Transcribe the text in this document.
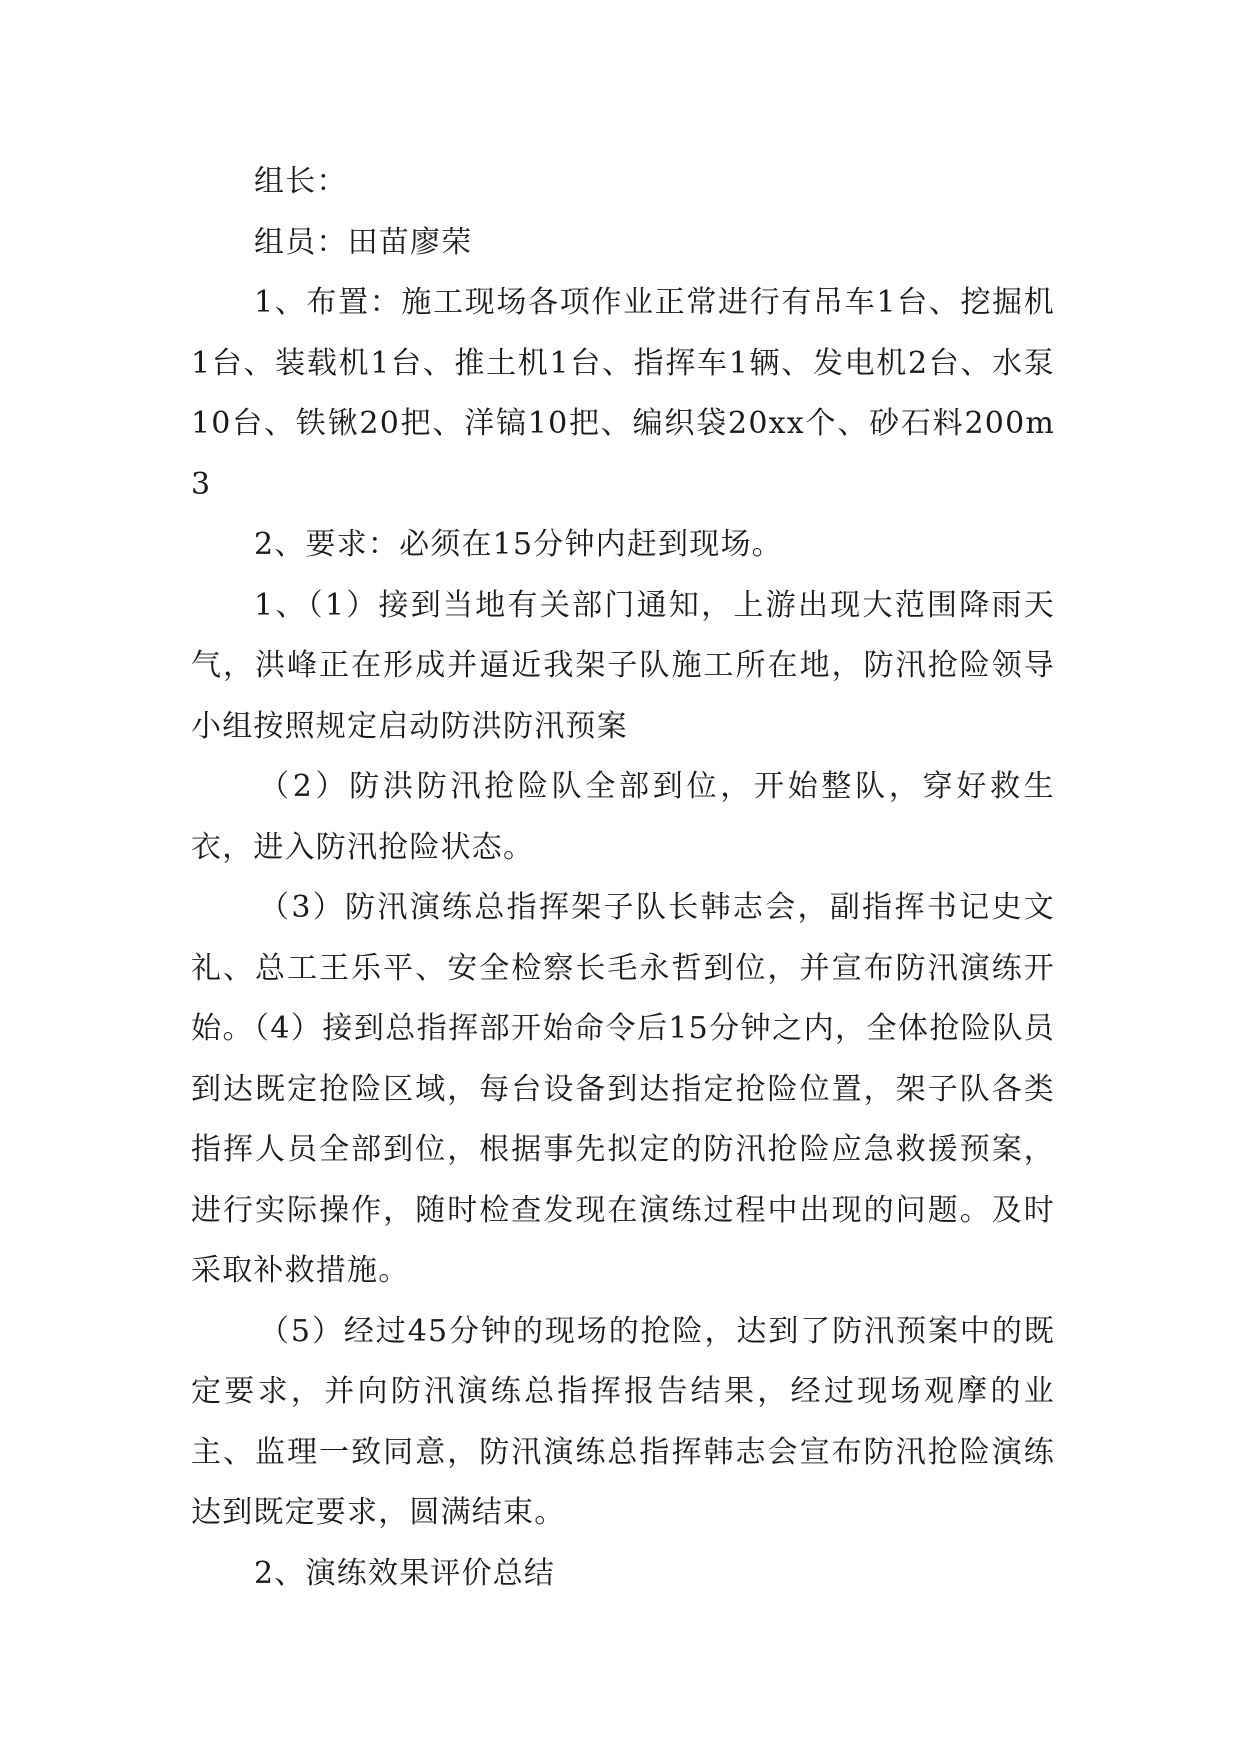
组长：

组员：田苗廖荣

1、布置：施工现场各项作业正常进行有吊车1台、挖掘机1台、装载机1台、推土机1台、指挥车1辆、发电机2台、水泵10台、铁锹20把、洋镐10把、编织袋20xx个、砂石料200m3

2、要求：必须在15分钟内赶到现场。

1、（1）接到当地有关部门通知，上游出现大范围降雨天气，洪峰正在形成并逼近我架子队施工所在地，防汛抢险领导小组按照规定启动防洪防汛预案

（2）防洪防汛抢险队全部到位，开始整队，穿好救生衣，进入防汛抢险状态。

（3）防汛演练总指挥架子队长韩志会，副指挥书记史文礼、总工王乐平、安全检察长毛永哲到位，并宣布防汛演练开始。（4）接到总指挥部开始命令后15分钟之内，全体抢险队员到达既定抢险区域，每台设备到达指定抢险位置，架子队各类指挥人员全部到位，根据事先拟定的防汛抢险应急救援预案，进行实际操作，随时检查发现在演练过程中出现的问题。及时采取补救措施。

（5）经过45分钟的现场的抢险，达到了防汛预案中的既定要求，并向防汛演练总指挥报告结果，经过现场观摩的业主、监理一致同意，防汛演练总指挥韩志会宣布防汛抢险演练达到既定要求，圆满结束。

2、演练效果评价总结
